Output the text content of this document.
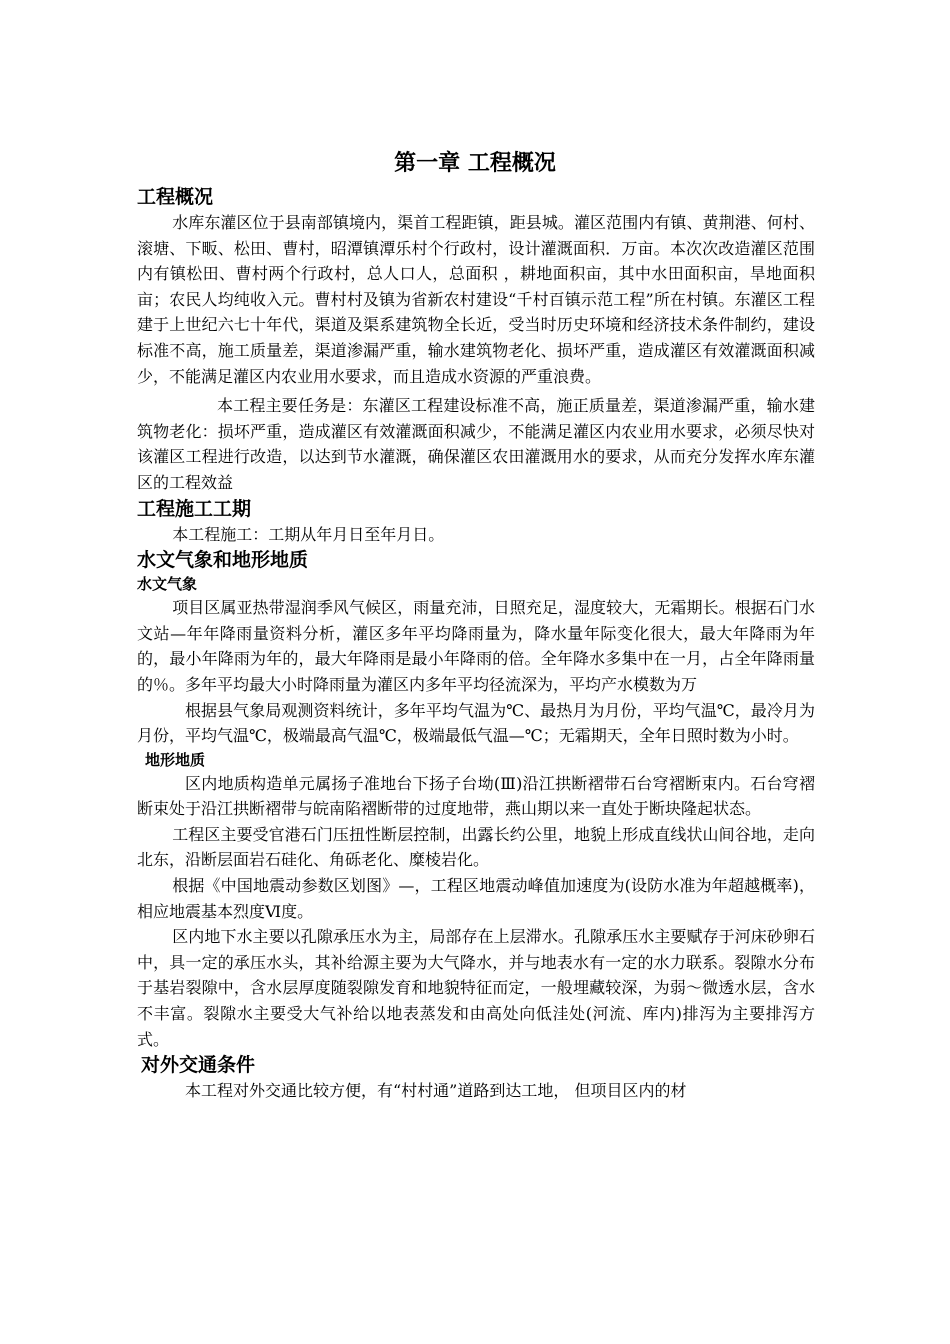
第一章 工程概况
工程概况

水库东灌区位于县南部镇境内，渠首工程距镇，距县城。灌区范围内有镇、黄荆港、何村、滚塘、下畈、松田、曹村，昭潭镇潭乐村个行政村，设计灌溉面积．万亩。本次次改造灌区范围内有镇松田、曹村两个行政村，总人口人，总面积 ，耕地面积亩，其中水田面积亩，旱地面积亩；农民人均纯收入元。曹村村及镇为省新农村建设“千村百镇示范工程”所在村镇。东灌区工程建于上世纪六七十年代，渠道及渠系建筑物全长近，受当时历史环境和经济技术条件制约，建设标准不高，施工质量差，渠道渗漏严重，输水建筑物老化、损坏严重，造成灌区有效灌溉面积减少，不能满足灌区内农业用水要求，而且造成水资源的严重浪费。

本工程主要任务是：东灌区工程建设标准不高，施正质量差，渠道渗漏严重，输水建筑物老化：损坏严重，造成灌区有效灌溉面积减少，不能满足灌区内农业用水要求，必须尽快对该灌区工程进行改造，以达到节水灌溉，确保灌区农田灌溉用水的要求，从而充分发挥水库东灌区的工程效益

工程施工工期

本工程施工：工期从年月日至年月日。

水文气象和地形地质
水文气象

项目区属亚热带湿润季风气候区，雨量充沛，日照充足，湿度较大，无霜期长。根据石门水文站—年年降雨量资料分析，灌区多年平均降雨量为，降水量年际变化很大，最大年降雨为年的，最小年降雨为年的，最大年降雨是最小年降雨的倍。全年降水多集中在一月，占全年降雨量的％。多年平均最大小时降雨量为灌区内多年平均径流深为，平均产水模数为万

根据县气象局观测资料统计，多年平均气温为℃、最热月为月份，平均气温℃，最冷月为月份，平均气温℃，极端最高气温℃，极端最低气温—℃；无霜期天，全年日照时数为小时。

地形地质

区内地质构造单元属扬子准地台下扬子台坳(Ⅲ)沿江拱断褶带石台穹褶断束内。石台穹褶断束处于沿江拱断褶带与皖南陷褶断带的过度地带，燕山期以来一直处于断块隆起状态。

工程区主要受官港石门压扭性断层控制，出露长约公里，地貌上形成直线状山间谷地，走向北东，沿断层面岩石硅化、角砾老化、糜棱岩化。

根据《中国地震动参数区划图》—，工程区地震动峰值加速度为(设防水准为年超越概率)，相应地震基本烈度Ⅵ度。

区内地下水主要以孔隙承压水为主，局部存在上层滞水。孔隙承压水主要赋存于河床砂卵石中，具一定的承压水头，其补给源主要为大气降水，并与地表水有一定的水力联系。裂隙水分布于基岩裂隙中，含水层厚度随裂隙发育和地貌特征而定，一般埋藏较深，为弱～微透水层，含水不丰富。裂隙水主要受大气补给以地表蒸发和由高处向低洼处(河流、库内)排泻为主要排泻方式。

对外交通条件

本工程对外交通比较方便，有“村村通”道路到达工地， 但项目区内的材
